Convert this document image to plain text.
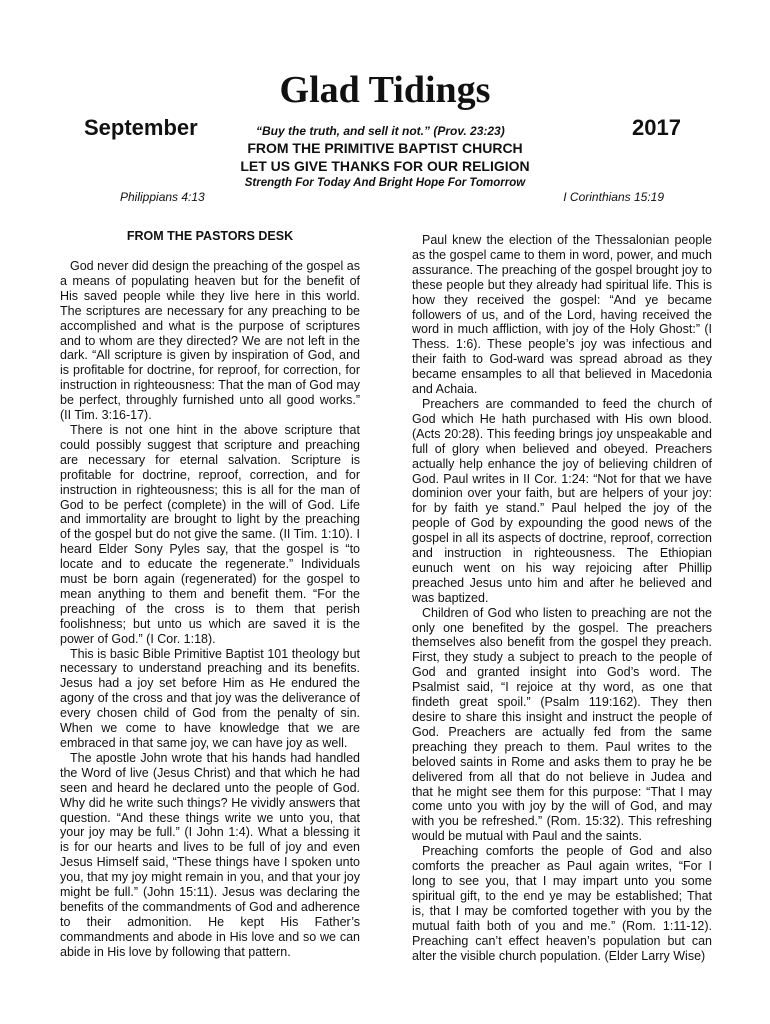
Glad Tidings
September	“Buy the truth, and sell it not.” (Prov. 23:23)	2017
FROM THE PRIMITIVE BAPTIST CHURCH
LET US GIVE THANKS FOR OUR RELIGION
Strength For Today And Bright Hope For Tomorrow
Philippians 4:13	I Corinthians 15:19
FROM THE PASTORS DESK

God never did design the preaching of the gospel as a means of populating heaven but for the benefit of His saved people while they live here in this world. The scriptures are necessary for any preaching to be accomplished and what is the purpose of scriptures and to whom are they directed? We are not left in the dark. “All scripture is given by inspiration of God, and is profitable for doctrine, for reproof, for correction, for instruction in righteousness: That the man of God may be perfect, throughly furnished unto all good works.” (II Tim. 3:16-17).

There is not one hint in the above scripture that could possibly suggest that scripture and preaching are necessary for eternal salvation. Scripture is profitable for doctrine, reproof, correction, and for instruction in righteousness; this is all for the man of God to be perfect (complete) in the will of God. Life and immortality are brought to light by the preaching of the gospel but do not give the same. (II Tim. 1:10). I heard Elder Sony Pyles say, that the gospel is “to locate and to educate the regenerate.” Individuals must be born again (regenerated) for the gospel to mean anything to them and benefit them. “For the preaching of the cross is to them that perish foolishness; but unto us which are saved it is the power of God.” (I Cor. 1:18).

This is basic Bible Primitive Baptist 101 theology but necessary to understand preaching and its benefits. Jesus had a joy set before Him as He endured the agony of the cross and that joy was the deliverance of every chosen child of God from the penalty of sin. When we come to have knowledge that we are embraced in that same joy, we can have joy as well.

The apostle John wrote that his hands had handled the Word of live (Jesus Christ) and that which he had seen and heard he declared unto the people of God. Why did he write such things? He vividly answers that question. “And these things write we unto you, that your joy may be full.” (I John 1:4). What a blessing it is for our hearts and lives to be full of joy and even Jesus Himself said, “These things have I spoken unto you, that my joy might remain in you, and that your joy might be full.” (John 15:11). Jesus was declaring the benefits of the commandments of God and adherence to their admonition. He kept His Father’s commandments and abode in His love and so we can abide in His love by following that pattern.

Paul knew the election of the Thessalonian people as the gospel came to them in word, power, and much assurance. The preaching of the gospel brought joy to these people but they already had spiritual life. This is how they received the gospel: “And ye became followers of us, and of the Lord, having received the word in much affliction, with joy of the Holy Ghost:” (I Thess. 1:6). These people’s joy was infectious and their faith to God-ward was spread abroad as they became ensamples to all that believed in Macedonia and Achaia.

Preachers are commanded to feed the church of God which He hath purchased with His own blood. (Acts 20:28). This feeding brings joy unspeakable and full of glory when believed and obeyed. Preachers actually help enhance the joy of believing children of God. Paul writes in II Cor. 1:24: “Not for that we have dominion over your faith, but are helpers of your joy: for by faith ye stand.” Paul helped the joy of the people of God by expounding the good news of the gospel in all its aspects of doctrine, reproof, correction and instruction in righteousness. The Ethiopian eunuch went on his way rejoicing after Phillip preached Jesus unto him and after he believed and was baptized.

Children of God who listen to preaching are not the only one benefited by the gospel. The preachers themselves also benefit from the gospel they preach. First, they study a subject to preach to the people of God and granted insight into God’s word. The Psalmist said, “I rejoice at thy word, as one that findeth great spoil.” (Psalm 119:162). They then desire to share this insight and instruct the people of God. Preachers are actually fed from the same preaching they preach to them. Paul writes to the beloved saints in Rome and asks them to pray he be delivered from all that do not believe in Judea and that he might see them for this purpose: “That I may come unto you with joy by the will of God, and may with you be refreshed.” (Rom. 15:32). This refreshing would be mutual with Paul and the saints.

Preaching comforts the people of God and also comforts the preacher as Paul again writes, “For I long to see you, that I may impart unto you some spiritual gift, to the end ye may be established; That is, that I may be comforted together with you by the mutual faith both of you and me.” (Rom. 1:11-12). Preaching can’t effect heaven’s population but can alter the visible church population. (Elder Larry Wise)
